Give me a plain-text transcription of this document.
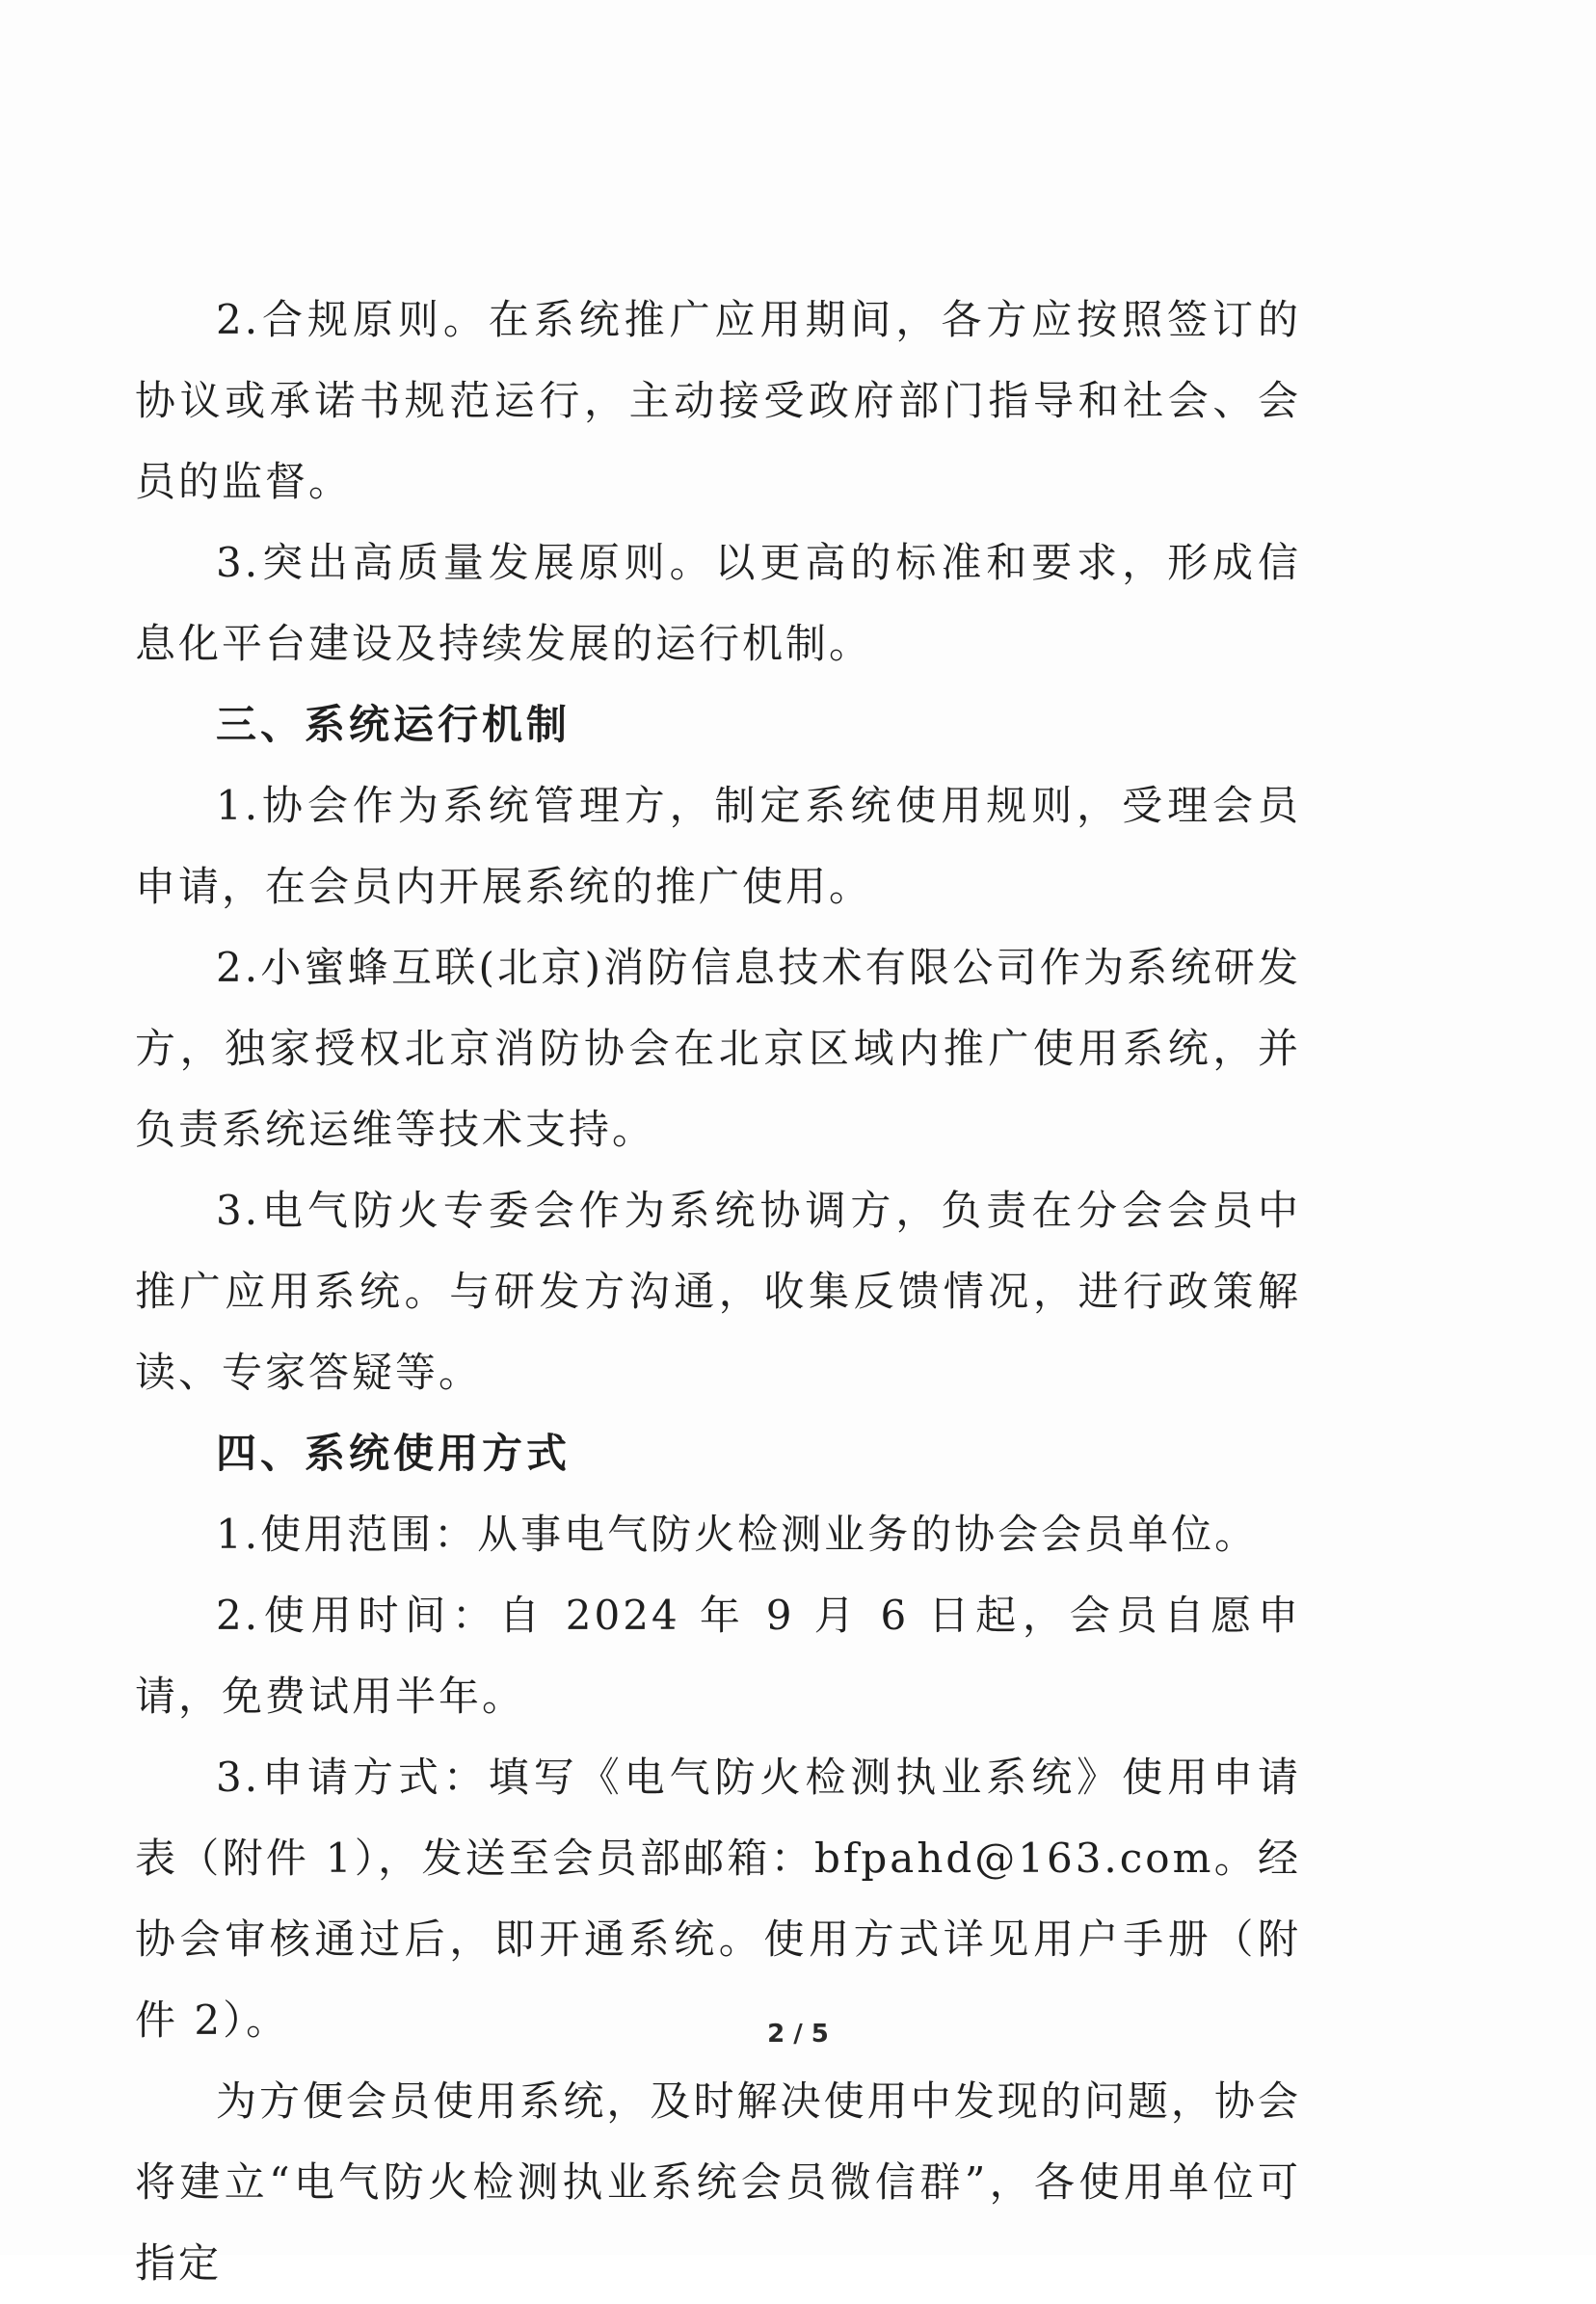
2.合规原则。在系统推广应用期间，各方应按照签订的协议或承诺书规范运行，主动接受政府部门指导和社会、会员的监督。

3.突出高质量发展原则。以更高的标准和要求，形成信息化平台建设及持续发展的运行机制。

三、系统运行机制

1.协会作为系统管理方，制定系统使用规则，受理会员申请，在会员内开展系统的推广使用。

2.小蜜蜂互联(北京)消防信息技术有限公司作为系统研发方，独家授权北京消防协会在北京区域内推广使用系统，并负责系统运维等技术支持。

3.电气防火专委会作为系统协调方，负责在分会会员中推广应用系统。与研发方沟通，收集反馈情况，进行政策解读、专家答疑等。

四、系统使用方式

1.使用范围：从事电气防火检测业务的协会会员单位。

2.使用时间：自 2024 年 9 月 6 日起，会员自愿申请，免费试用半年。

3.申请方式：填写《电气防火检测执业系统》使用申请表（附件 1），发送至会员部邮箱：bfpahd@163.com。经协会审核通过后，即开通系统。使用方式详见用户手册（附件 2）。

为方便会员使用系统，及时解决使用中发现的问题，协会将建立“电气防火检测执业系统会员微信群”，各使用单位可指定

2 / 5
